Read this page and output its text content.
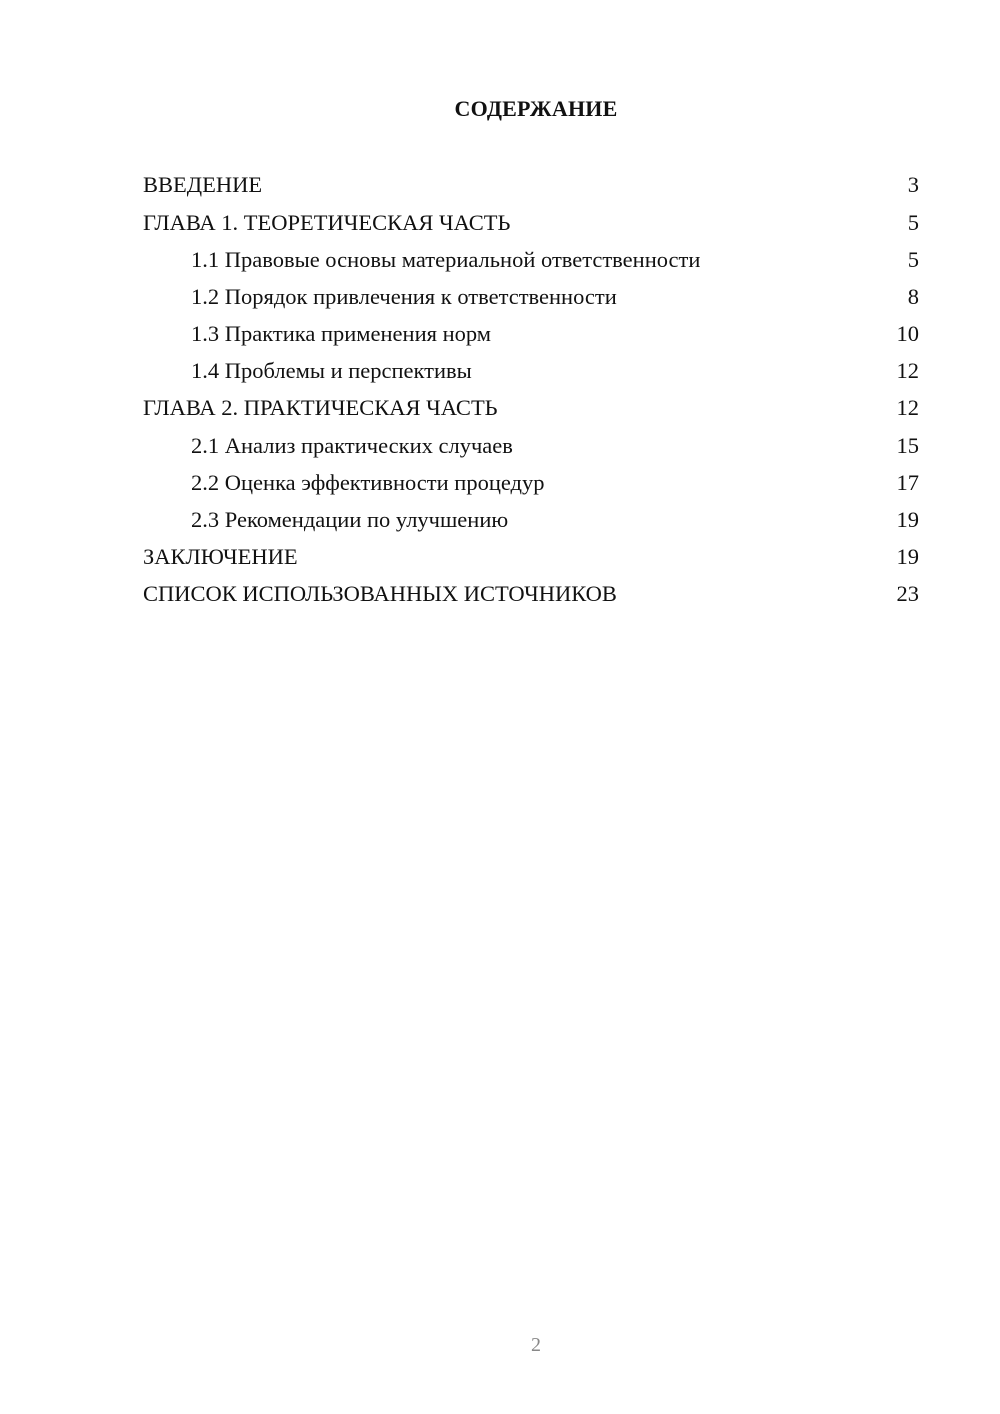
СОДЕРЖАНИЕ
ВВЕДЕНИЕ	3
ГЛАВА 1. ТЕОРЕТИЧЕСКАЯ ЧАСТЬ	5
1.1 Правовые основы материальной ответственности	5
1.2 Порядок привлечения к ответственности	8
1.3 Практика применения норм	10
1.4 Проблемы и перспективы	12
ГЛАВА 2. ПРАКТИЧЕСКАЯ ЧАСТЬ	12
2.1 Анализ практических случаев	15
2.2 Оценка эффективности процедур	17
2.3 Рекомендации по улучшению	19
ЗАКЛЮЧЕНИЕ	19
СПИСОК ИСПОЛЬЗОВАННЫХ ИСТОЧНИКОВ	23
2
